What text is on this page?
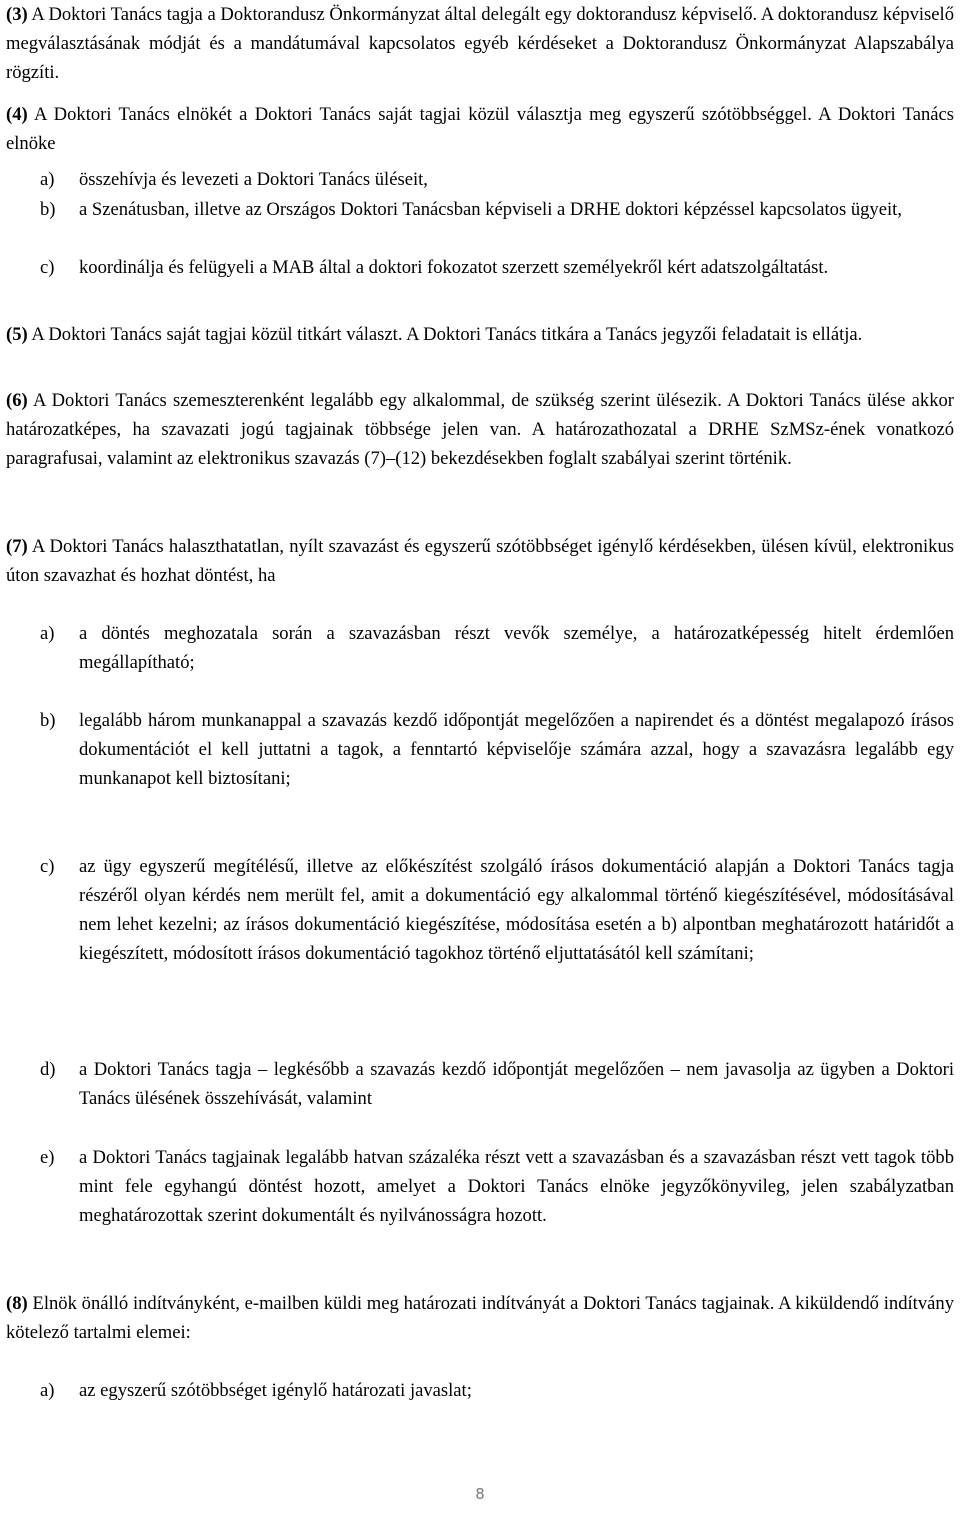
(3) A Doktori Tanács tagja a Doktorandusz Önkormányzat által delegált egy doktorandusz képviselő. A doktorandusz képviselő megválasztásának módját és a mandátumával kapcsolatos egyéb kérdéseket a Doktorandusz Önkormányzat Alapszabálya rögzíti.
(4) A Doktori Tanács elnökét a Doktori Tanács saját tagjai közül választja meg egyszerű szótöbbséggel. A Doktori Tanács elnöke
a) összehívja és levezeti a Doktori Tanács üléseit,
b) a Szenátusban, illetve az Országos Doktori Tanácsban képviseli a DRHE doktori képzéssel kapcsolatos ügyeit,
c) koordinálja és felügyeli a MAB által a doktori fokozatot szerzett személyekről kért adatszolgáltatást.
(5) A Doktori Tanács saját tagjai közül titkárt választ. A Doktori Tanács titkára a Tanács jegyzői feladatait is ellátja.
(6) A Doktori Tanács szemeszterenként legalább egy alkalommal, de szükség szerint ülésezik. A Doktori Tanács ülése akkor határozatképes, ha szavazati jogú tagjainak többsége jelen van. A határozathozatal a DRHE SzMSz-ének vonatkozó paragrafusai, valamint az elektronikus szavazás (7)–(12) bekezdésekben foglalt szabályai szerint történik.
(7) A Doktori Tanács halaszthatatlan, nyílt szavazást és egyszerű szótöbbséget igénylő kérdésekben, ülésen kívül, elektronikus úton szavazhat és hozhat döntést, ha
a) a döntés meghozatala során a szavazásban részt vevők személye, a határozatképesség hitelt érdemlően megállapítható;
b) legalább három munkanappal a szavazás kezdő időpontját megelőzően a napirendet és a döntést megalapozó írásos dokumentációt el kell juttatni a tagok, a fenntartó képviselője számára azzal, hogy a szavazásra legalább egy munkanapot kell biztosítani;
c) az ügy egyszerű megítélésű, illetve az előkészítést szolgáló írásos dokumentáció alapján a Doktori Tanács tagja részéről olyan kérdés nem merült fel, amit a dokumentáció egy alkalommal történő kiegészítésével, módosításával nem lehet kezelni; az írásos dokumentáció kiegészítése, módosítása esetén a b) alpontban meghatározott határidőt a kiegészített, módosított írásos dokumentáció tagokhoz történő eljuttatásától kell számítani;
d) a Doktori Tanács tagja – legkésőbb a szavazás kezdő időpontját megelőzően – nem javasolja az ügyben a Doktori Tanács ülésének összehívását, valamint
e) a Doktori Tanács tagjainak legalább hatvan százaléka részt vett a szavazásban és a szavazásban részt vett tagok több mint fele egyhangú döntést hozott, amelyet a Doktori Tanács elnöke jegyzőkönyvileg, jelen szabályzatban meghatározottak szerint dokumentált és nyilvánosságra hozott.
(8) Elnök önálló indítványként, e-mailben küldi meg határozati indítványát a Doktori Tanács tagjainak. A kiküldendő indítvány kötelező tartalmi elemei:
a) az egyszerű szótöbbséget igénylő határozati javaslat;
8
